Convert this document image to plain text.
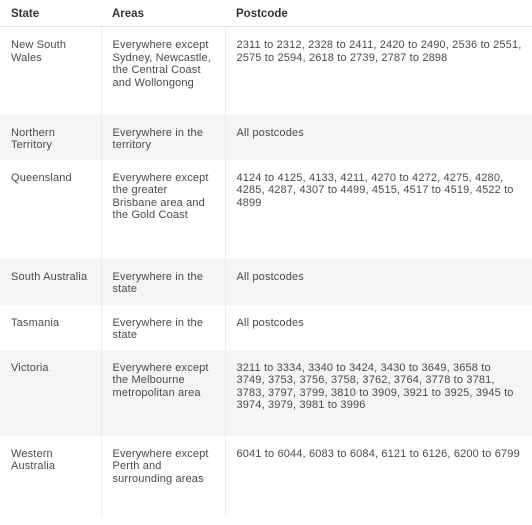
State	Areas	Postcode
New South Wales	Everywhere except Sydney, Newcastle, the Central Coast and Wollongong	2311 to 2312, 2328 to 2411, 2420 to 2490, 2536 to 2551, 2575 to 2594, 2618 to 2739, 2787 to 2898
Northern Territory	Everywhere in the territory	All postcodes
Queensland	Everywhere except the greater Brisbane area and the Gold Coast	4124 to 4125, 4133, 4211, 4270 to 4272, 4275, 4280, 4285, 4287, 4307 to 4499, 4515, 4517 to 4519, 4522 to 4899
South Australia	Everywhere in the state	All postcodes
Tasmania	Everywhere in the state	All postcodes
Victoria	Everywhere except the Melbourne metropolitan area	3211 to 3334, 3340 to 3424, 3430 to 3649, 3658 to 3749, 3753, 3756, 3758, 3762, 3764, 3778 to 3781, 3783, 3797, 3799, 3810 to 3909, 3921 to 3925, 3945 to 3974, 3979, 3981 to 3996
Western Australia	Everywhere except Perth and surrounding areas	6041 to 6044, 6083 to 6084, 6121 to 6126, 6200 to 6799
